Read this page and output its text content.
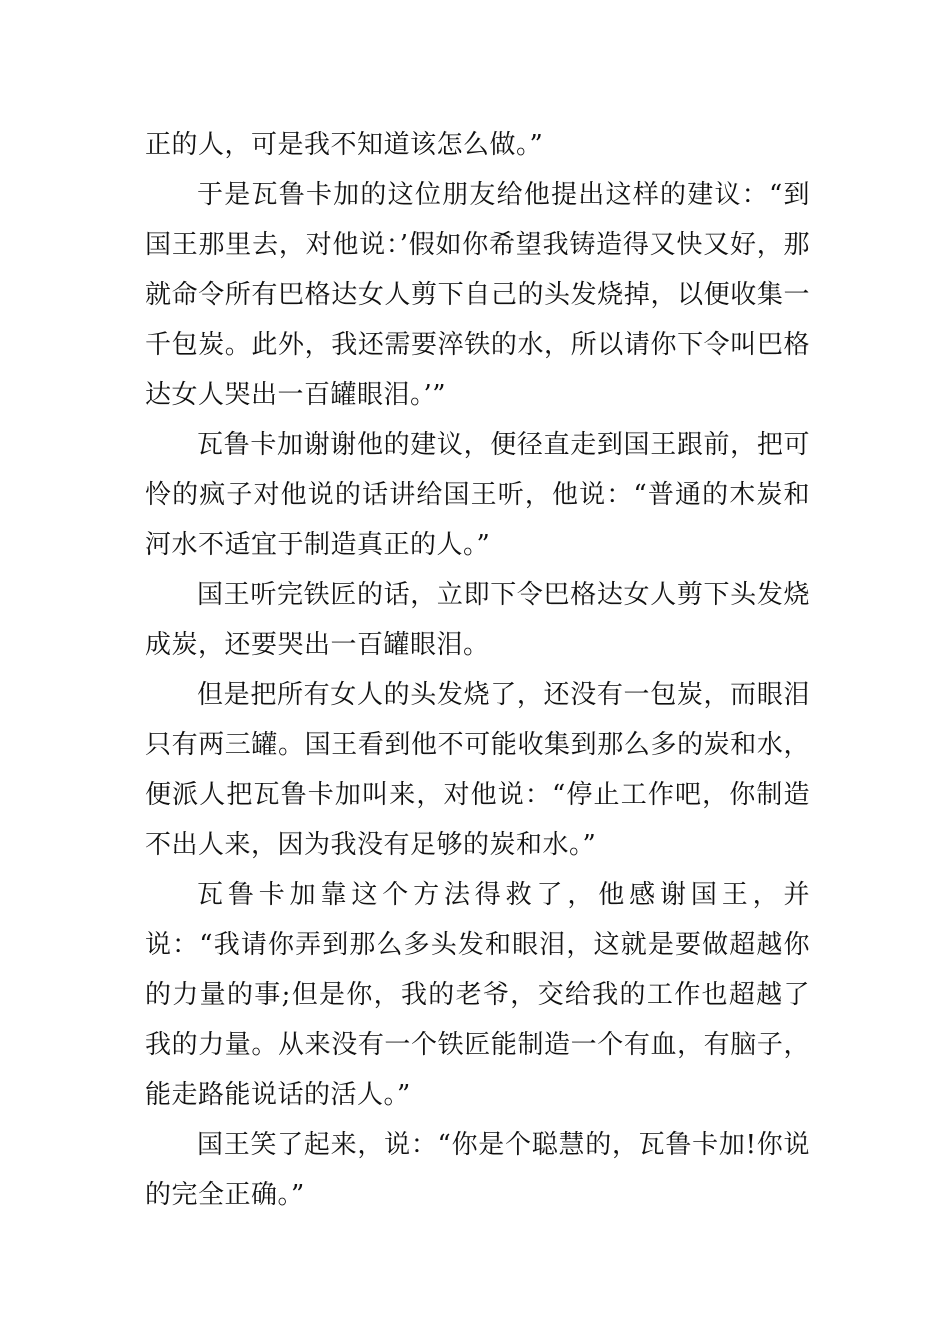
正的人，可是我不知道该怎么做。”

于是瓦鲁卡加的这位朋友给他提出这样的建议：“到国王那里去，对他说：’假如你希望我铸造得又快又好，那就命令所有巴格达女人剪下自己的头发烧掉，以便收集一千包炭。此外，我还需要淬铁的水，所以请你下令叫巴格达女人哭出一百罐眼泪。’”

瓦鲁卡加谢谢他的建议，便径直走到国王跟前，把可怜的疯子对他说的话讲给国王听，他说：“普通的木炭和河水不适宜于制造真正的人。”

国王听完铁匠的话，立即下令巴格达女人剪下头发烧成炭，还要哭出一百罐眼泪。

但是把所有女人的头发烧了，还没有一包炭，而眼泪只有两三罐。国王看到他不可能收集到那么多的炭和水，便派人把瓦鲁卡加叫来，对他说：“停止工作吧，你制造不出人来，因为我没有足够的炭和水。”

瓦鲁卡加靠这个方法得救了，他感谢国王，并说：“我请你弄到那么多头发和眼泪，这就是要做超越你的力量的事;但是你，我的老爷，交给我的工作也超越了我的力量。从来没有一个铁匠能制造一个有血，有脑子，能走路能说话的活人。”

国王笑了起来，说：“你是个聪慧的，瓦鲁卡加!你说的完全正确。”
